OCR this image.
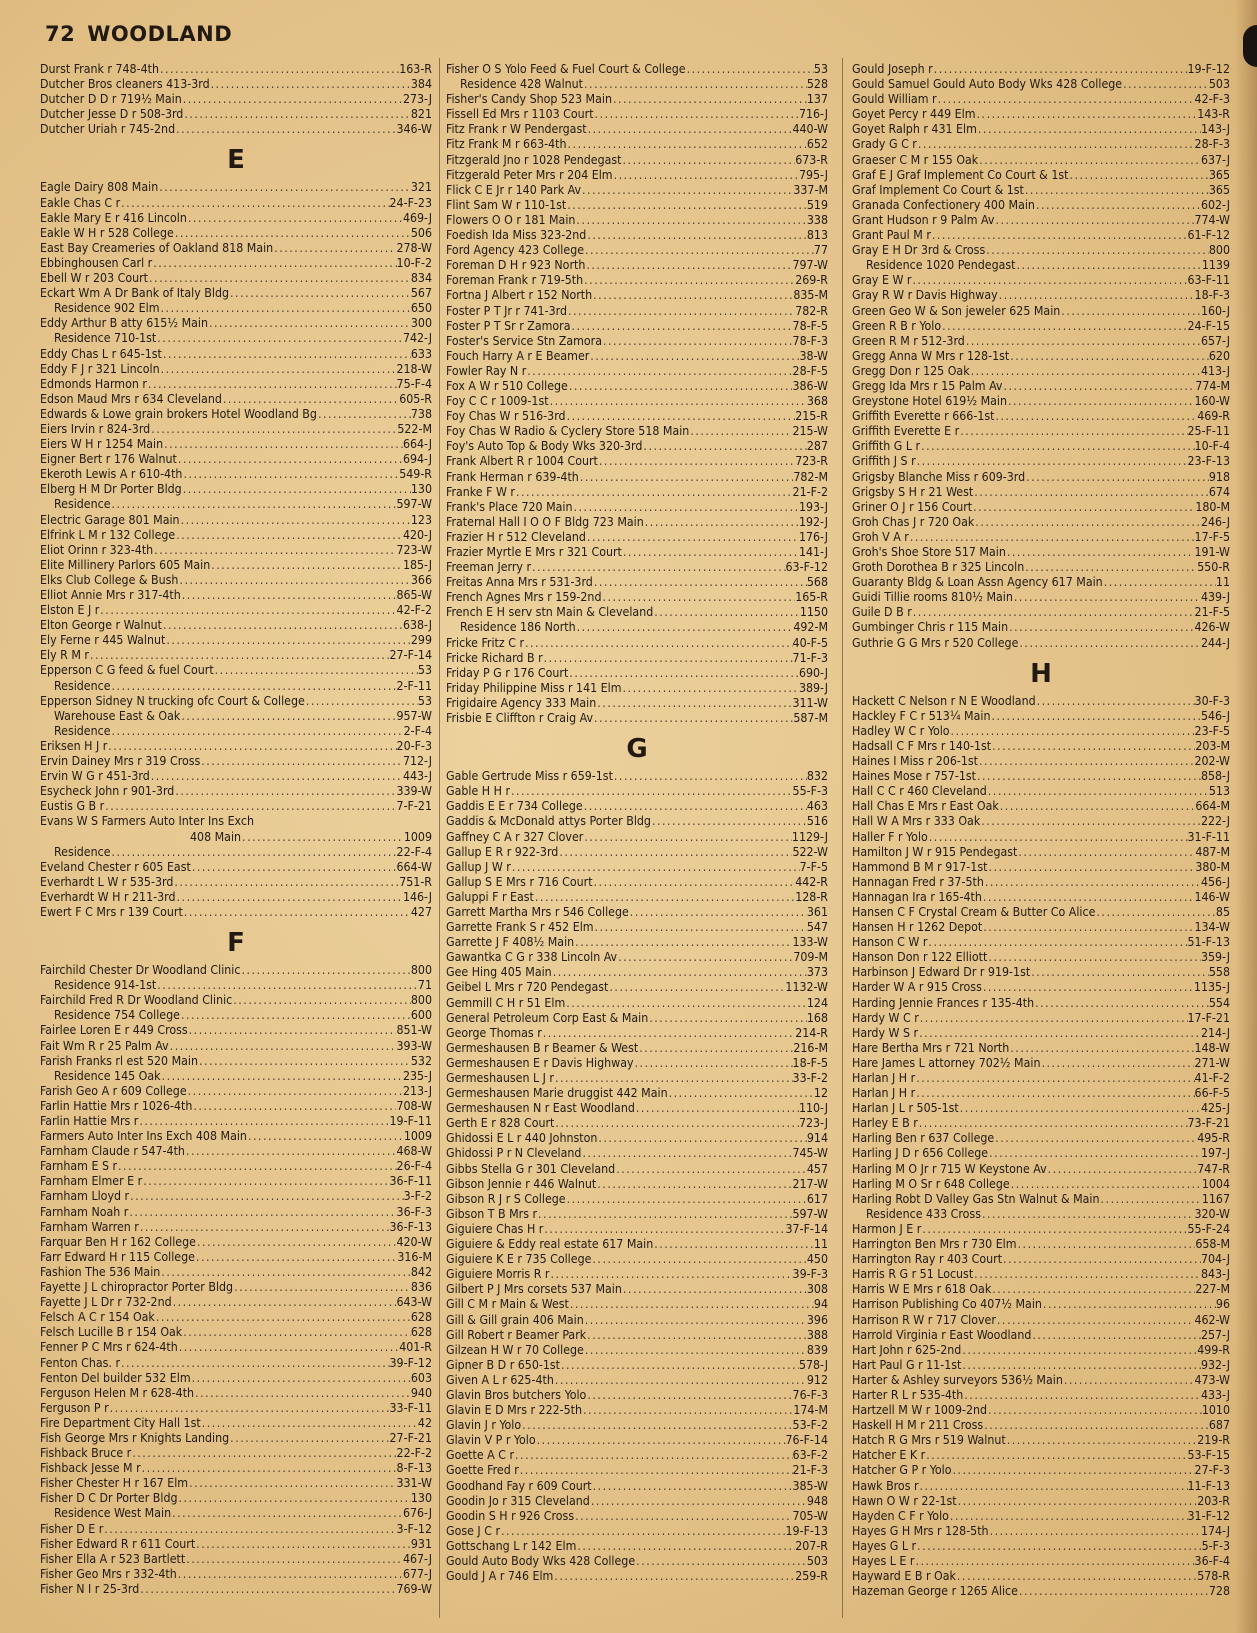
72 WOODLAND
Durst Frank r 748-4th . . .	163-R
Dutcher Bros cleaners 413-3rd . . .	384
Dutcher D D r 719½ Main . . .	273-J
Dutcher Jesse D r 508-3rd . . .	821
Dutcher Uriah r 745-2nd . . .	346-W
E
Eagle Dairy 808 Main . . .	321
Eakle Chas C r . . .	24-F-23
Eakle Mary E r 416 Lincoln . . .	469-J
Eakle W H r 528 College . . .	506
East Bay Creameries of Oakland 818 Main . . .	278-W
Ebbinghousen Carl r . . .	10-F-2
Ebell W r 203 Court . . .	834
Eckart Wm A Dr Bank of Italy Bldg . . .	567
Residence 902 Elm . . .	650
Eddy Arthur B atty 615½ Main . . .	300
Residence 710-1st . . .	742-J
Eddy Chas L r 645-1st . . .	633
Eddy F J r 321 Lincoln . . .	218-W
Edmonds Harmon r . . .	75-F-4
Edson Maud Mrs r 634 Cleveland . . .	605-R
Edwards & Lowe grain brokers Hotel Woodland Bg . . .	738
Eiers Irvin r 824-3rd . . .	522-M
Eiers W H r 1254 Main . . .	664-J
Eigner Bert r 176 Walnut . . .	694-J
Ekeroth Lewis A r 610-4th . . .	549-R
Elberg H M Dr Porter Bldg . . .	130
Residence . . .	597-W
Electric Garage 801 Main . . .	123
Elfrink L M r 132 College . . .	420-J
Eliot Orinn r 323-4th . . .	723-W
Elite Millinery Parlors 605 Main . . .	185-J
Elks Club College & Bush . . .	366
Elliot Annie Mrs r 317-4th . . .	865-W
Elston E J r . . .	42-F-2
Elton George r Walnut . . .	638-J
Ely Ferne r 445 Walnut . . .	299
Ely R M r . . .	27-F-14
Epperson C G feed & fuel Court . . .	53
Residence . . .	2-F-11
Epperson Sidney N trucking ofc Court & College . . .	53
Warehouse East & Oak . . .	957-W
Residence . . .	2-F-4
Eriksen H J r . . .	20-F-3
Ervin Dainey Mrs r 319 Cross . . .	712-J
Ervin W G r 451-3rd . . .	443-J
Esycheck John r 901-3rd . . .	339-W
Eustis G B r . . .	7-F-21
Evans W S Farmers Auto Inter Ins Exch
408 Main . . .	1009
Residence . . .	22-F-4
Eveland Chester r 605 East . . .	664-W
Everhardt L W r 535-3rd . . .	751-R
Everhardt W H r 211-3rd . . .	146-J
Ewert F C Mrs r 139 Court . . .	427
F
Fairchild Chester Dr Woodland Clinic . . .	800
Residence 914-1st . . .	71
Fairchild Fred R Dr Woodland Clinic . . .	800
Residence 754 College . . .	600
Fairlee Loren E r 449 Cross . . .	851-W
Fait Wm R r 25 Palm Av . . .	393-W
Farish Franks rl est 520 Main . . .	532
Residence 145 Oak . . .	235-J
Farish Geo A r 609 College . . .	213-J
Farlin Hattie Mrs r 1026-4th . . .	708-W
Farlin Hattie Mrs r . . .	19-F-11
Farmers Auto Inter Ins Exch 408 Main . . .	1009
Farnham Claude r 547-4th . . .	468-W
Farnham E S r . . .	26-F-4
Farnham Elmer E r . . .	36-F-11
Farnham Lloyd r . . .	3-F-2
Farnham Noah r . . .	36-F-3
Farnham Warren r . . .	36-F-13
Farquar Ben H r 162 College . . .	420-W
Farr Edward H r 115 College . . .	316-M
Fashion The 536 Main . . .	842
Fayette J L chiropractor Porter Bldg . . .	836
Fayette J L Dr r 732-2nd . . .	643-W
Felsch A C r 154 Oak . . .	628
Felsch Lucille B r 154 Oak . . .	628
Fenner P C Mrs r 624-4th . . .	401-R
Fenton Chas. r . . .	39-F-12
Fenton Del builder 532 Elm . . .	603
Ferguson Helen M r 628-4th . . .	940
Ferguson P r . . .	33-F-11
Fire Department City Hall 1st . . .	42
Fish George Mrs r Knights Landing . . .	27-F-21
Fishback Bruce r . . .	22-F-2
Fishback Jesse M r . . .	8-F-13
Fisher Chester H r 167 Elm . . .	331-W
Fisher D C Dr Porter Bldg . . .	130
Residence West Main . . .	676-J
Fisher D E r . . .	3-F-12
Fisher Edward R r 611 Court . . .	931
Fisher Ella A r 523 Bartlett . . .	467-J
Fisher Geo Mrs r 332-4th . . .	677-J
Fisher N I r 25-3rd . . .	769-W
Fisher O S Yolo Feed & Fuel Court & College . . .	53
Residence 428 Walnut . . .	528
Fisher's Candy Shop 523 Main . . .	137
Fissell Ed Mrs r 1103 Court . . .	716-J
Fitz Frank r W Pendergast . . .	440-W
Fitz Frank M r 663-4th . . .	652
Fitzgerald Jno r 1028 Pendegast . . .	673-R
Fitzgerald Peter Mrs r 204 Elm . . .	795-J
Flick C E Jr r 140 Park Av . . .	337-M
Flint Sam W r 110-1st . . .	519
Flowers O O r 181 Main . . .	338
Foedish Ida Miss 323-2nd . . .	813
Ford Agency 423 College . . .	77
Foreman D H r 923 North . . .	797-W
Foreman Frank r 719-5th . . .	269-R
Fortna J Albert r 152 North . . .	835-M
Foster P T Jr r 741-3rd . . .	782-R
Foster P T Sr r Zamora . . .	78-F-5
Foster's Service Stn Zamora . . .	78-F-3
Fouch Harry A r E Beamer . . .	38-W
Fowler Ray N r . . .	28-F-5
Fox A W r 510 College . . .	386-W
Foy C C r 1009-1st . . .	368
Foy Chas W r 516-3rd . . .	215-R
Foy Chas W Radio & Cyclery Store 518 Main . . .	215-W
Foy's Auto Top & Body Wks 320-3rd . . .	287
Frank Albert R r 1004 Court . . .	723-R
Frank Herman r 639-4th . . .	782-M
Franke F W r . . .	21-F-2
Frank's Place 720 Main . . .	193-J
Fraternal Hall I O O F Bldg 723 Main . . .	192-J
Frazier H r 512 Cleveland . . .	176-J
Frazier Myrtle E Mrs r 321 Court . . .	141-J
Freeman Jerry r . . .	63-F-12
Freitas Anna Mrs r 531-3rd . . .	568
French Agnes Mrs r 159-2nd . . .	165-R
French E H serv stn Main & Cleveland . . .	1150
Residence 186 North . . .	492-M
Fricke Fritz C r . . .	40-F-5
Fricke Richard B r . . .	71-F-3
Friday P G r 176 Court . . .	690-J
Friday Philippine Miss r 141 Elm . . .	389-J
Frigidaire Agency 333 Main . . .	311-W
Frisbie E Cliffton r Craig Av . . .	587-M
G
Gable Gertrude Miss r 659-1st . . .	832
Gable H H r . . .	55-F-3
Gaddis E E r 734 College . . .	463
Gaddis & McDonald attys Porter Bldg . . .	516
Gaffney C A r 327 Clover . . .	1129-J
Gallup E R r 922-3rd . . .	522-W
Gallup J W r . . .	7-F-5
Gallup S E Mrs r 716 Court . . .	442-R
Galuppi F r East . . .	128-R
Garrett Martha Mrs r 546 College . . .	361
Garrette Frank S r 452 Elm . . .	547
Garrette J F 408½ Main . . .	133-W
Gawantka C G r 338 Lincoln Av . . .	709-M
Gee Hing 405 Main . . .	373
Geibel L Mrs r 720 Pendegast . . .	1132-W
Gemmill C H r 51 Elm . . .	124
General Petroleum Corp East & Main . . .	168
George Thomas r . . .	214-R
Germeshausen B r Beamer & West . . .	216-M
Germeshausen E r Davis Highway . . .	18-F-5
Germeshausen L J r . . .	33-F-2
Germeshausen Marie druggist 442 Main . . .	12
Germeshausen N r East Woodland . . .	110-J
Gerth E r 828 Court . . .	723-J
Ghidossi E L r 440 Johnston . . .	914
Ghidossi P r N Cleveland . . .	745-W
Gibbs Stella G r 301 Cleveland . . .	457
Gibson Jennie r 446 Walnut . . .	217-W
Gibson R J r S College . . .	617
Gibson T B Mrs r . . .	597-W
Giguiere Chas H r . . .	37-F-14
Giguiere & Eddy real estate 617 Main . . .	11
Giguiere K E r 735 College . . .	450
Giguiere Morris R r . . .	39-F-3
Gilbert P J Mrs corsets 537 Main . . .	308
Gill C M r Main & West . . .	94
Gill & Gill grain 406 Main . . .	396
Gill Robert r Beamer Park . . .	388
Gilzean H W r 70 College . . .	839
Gipner B D r 650-1st . . .	578-J
Given A L r 625-4th . . .	912
Glavin Bros butchers Yolo . . .	76-F-3
Glavin E D Mrs r 222-5th . . .	174-M
Glavin J r Yolo . . .	53-F-2
Glavin V P r Yolo . . .	76-F-14
Goette A C r . . .	63-F-2
Goette Fred r . . .	21-F-3
Goodhand Fay r 609 Court . . .	385-W
Goodin Jo r 315 Cleveland . . .	948
Goodin S H r 926 Cross . . .	705-W
Gose J C r . . .	19-F-13
Gottschang L r 142 Elm . . .	207-R
Gould Auto Body Wks 428 College . . .	503
Gould J A r 746 Elm . . .	259-R
Gould Joseph r . . .	19-F-12
Gould Samuel Gould Auto Body Wks 428 College . . .	503
Gould William r . . .	42-F-3
Goyet Percy r 449 Elm . . .	143-R
Goyet Ralph r 431 Elm . . .	143-J
Grady G C r . . .	28-F-3
Graeser C M r 155 Oak . . .	637-J
Graf E J Graf Implement Co Court & 1st . . .	365
Graf Implement Co Court & 1st . . .	365
Granada Confectionery 400 Main . . .	602-J
Grant Hudson r 9 Palm Av . . .	774-W
Grant Paul M r . . .	61-F-12
Gray E H Dr 3rd & Cross . . .	800
Residence 1020 Pendegast . . .	1139
Gray E W r . . .	63-F-11
Gray R W r Davis Highway . . .	18-F-3
Green Geo W & Son jeweler 625 Main . . .	160-J
Green R B r Yolo . . .	24-F-15
Green R M r 512-3rd . . .	657-J
Gregg Anna W Mrs r 128-1st . . .	620
Gregg Don r 125 Oak . . .	413-J
Gregg Ida Mrs r 15 Palm Av . . .	774-M
Greystone Hotel 619½ Main . . .	160-W
Griffith Everette r 666-1st . . .	469-R
Griffith Everette E r . . .	25-F-11
Griffith G L r . . .	10-F-4
Griffith J S r . . .	23-F-13
Grigsby Blanche Miss r 609-3rd . . .	918
Grigsby S H r 21 West . . .	674
Griner O J r 156 Court . . .	180-M
Groh Chas J r 720 Oak . . .	246-J
Groh V A r . . .	17-F-5
Groh's Shoe Store 517 Main . . .	191-W
Groth Dorothea B r 325 Lincoln . . .	550-R
Guaranty Bldg & Loan Assn Agency 617 Main . . .	11
Guidi Tillie rooms 810½ Main . . .	439-J
Guile D B r . . .	21-F-5
Gumbinger Chris r 115 Main . . .	426-W
Guthrie G G Mrs r 520 College . . .	244-J
H
Hackett C Nelson r N E Woodland . . .	30-F-3
Hackley F C r 513¼ Main . . .	546-J
Hadley W C r Yolo . . .	23-F-5
Hadsall C F Mrs r 140-1st . . .	203-M
Haines I Miss r 206-1st . . .	202-W
Haines Mose r 757-1st . . .	858-J
Hall C C r 460 Cleveland . . .	513
Hall Chas E Mrs r East Oak . . .	664-M
Hall W A Mrs r 333 Oak . . .	222-J
Haller F r Yolo . . .	31-F-11
Hamilton J W r 915 Pendegast . . .	487-M
Hammond B M r 917-1st . . .	380-M
Hannagan Fred r 37-5th . . .	456-J
Hannagan Ira r 165-4th . . .	146-W
Hansen C F Crystal Cream & Butter Co Alice . . .	85
Hansen H r 1262 Depot . . .	134-W
Hanson C W r . . .	51-F-13
Hanson Don r 122 Elliott . . .	359-J
Harbinson J Edward Dr r 919-1st . . .	558
Harder W A r 915 Cross . . .	1135-J
Harding Jennie Frances r 135-4th . . .	554
Hardy W C r . . .	17-F-21
Hardy W S r . . .	214-J
Hare Bertha Mrs r 721 North . . .	148-W
Hare James L attorney 702½ Main . . .	271-W
Harlan J H r . . .	41-F-2
Harlan J H r . . .	66-F-5
Harlan J L r 505-1st . . .	425-J
Harley E B r . . .	73-F-21
Harling Ben r 637 College . . .	495-R
Harling J D r 656 College . . .	197-J
Harling M O Jr r 715 W Keystone Av . . .	747-R
Harling M O Sr r 648 College . . .	1004
Harling Robt D Valley Gas Stn Walnut & Main . . .	1167
Residence 433 Cross . . .	320-W
Harmon J E r . . .	55-F-24
Harrington Ben Mrs r 730 Elm . . .	658-M
Harrington Ray r 403 Court . . .	704-J
Harris R G r 51 Locust . . .	843-J
Harris W E Mrs r 618 Oak . . .	227-M
Harrison Publishing Co 407½ Main . . .	96
Harrison R W r 717 Clover . . .	462-W
Harrold Virginia r East Woodland . . .	257-J
Hart John r 625-2nd . . .	499-R
Hart Paul G r 11-1st . . .	932-J
Harter & Ashley surveyors 536½ Main . . .	473-W
Harter R L r 535-4th . . .	433-J
Hartzell M W r 1009-2nd . . .	1010
Haskell H M r 211 Cross . . .	687
Hatch R G Mrs r 519 Walnut . . .	219-R
Hatcher E K r . . .	53-F-15
Hatcher G P r Yolo . . .	27-F-3
Hawk Bros r . . .	11-F-13
Hawn O W r 22-1st . . .	203-R
Hayden C F r Yolo . . .	31-F-12
Hayes G H Mrs r 128-5th . . .	174-J
Hayes G L r . . .	5-F-3
Hayes L E r . . .	36-F-4
Hayward E B r Oak . . .	578-R
Hazeman George r 1265 Alice . . .	728
